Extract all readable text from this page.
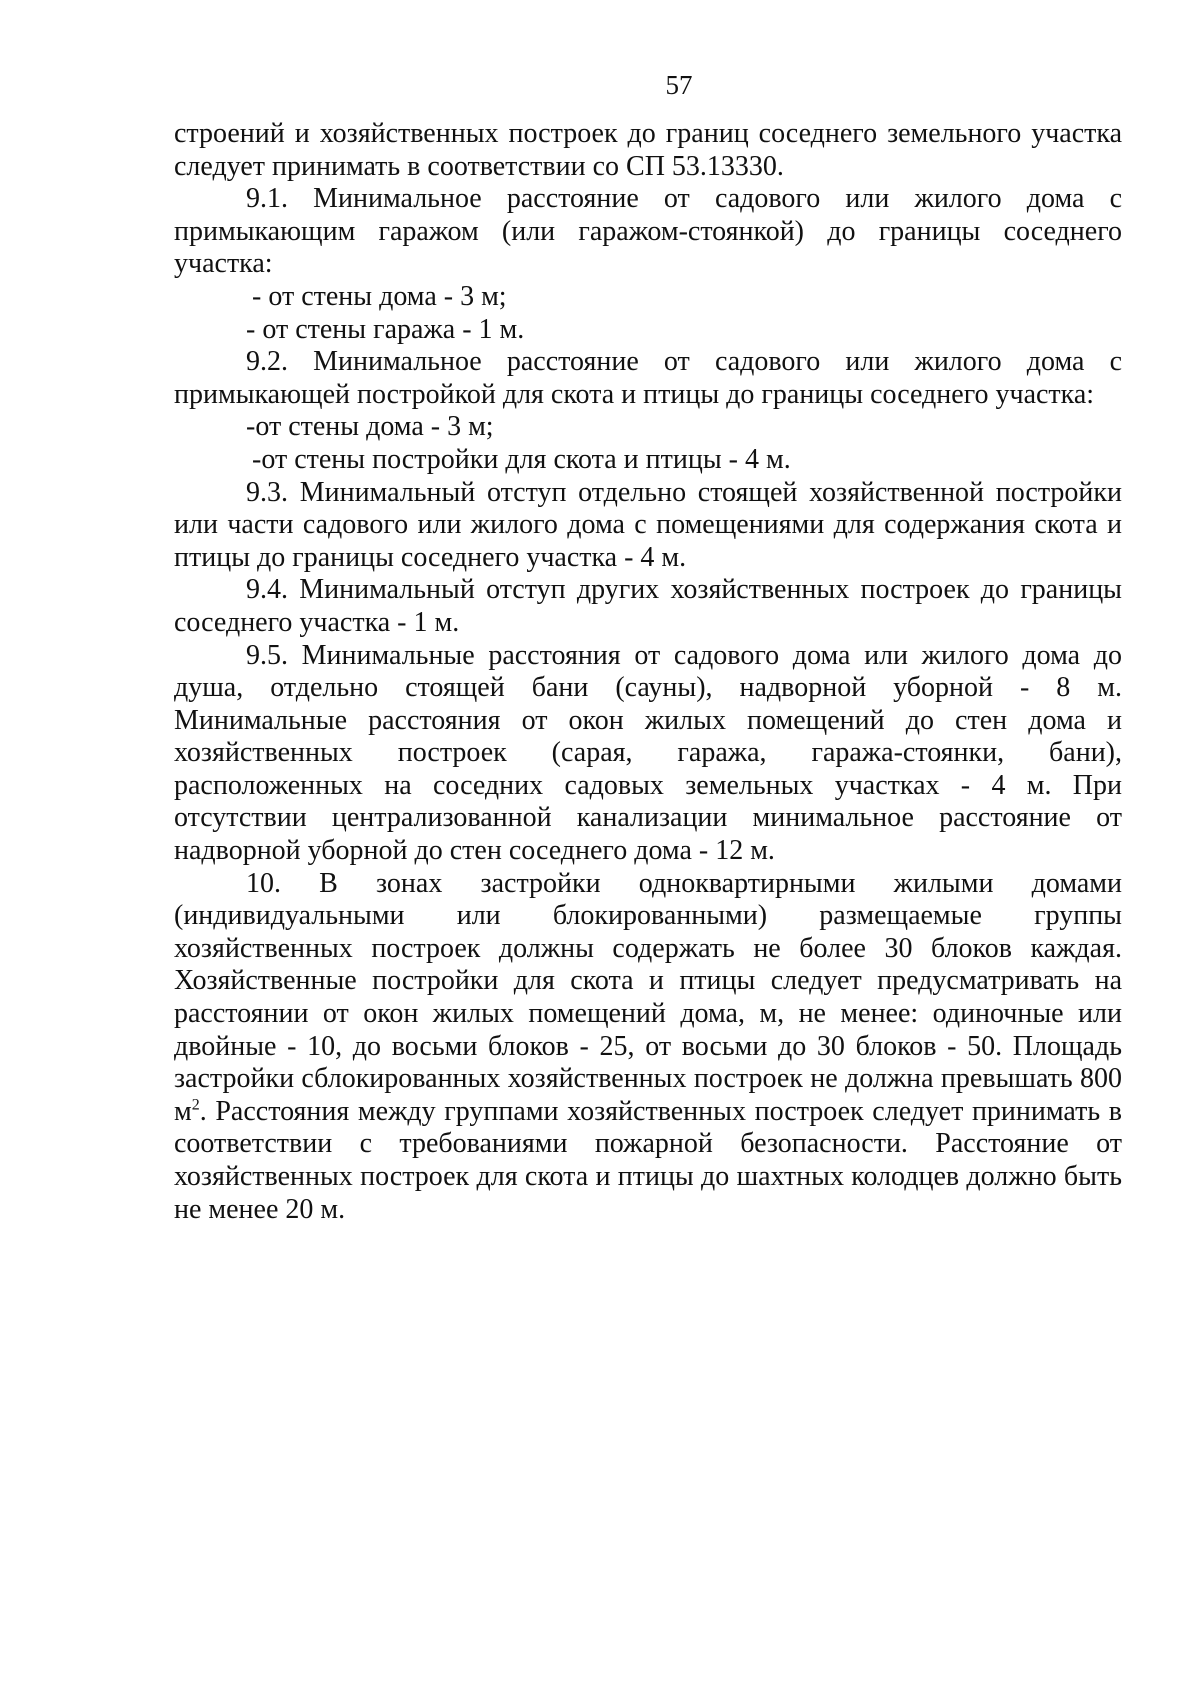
57

строений и хозяйственных построек до границ соседнего земельного участка следует принимать в соответствии со СП 53.13330.

9.1. Минимальное расстояние от садового или жилого дома с примыкающим гаражом (или гаражом-стоянкой) до границы соседнего участка:

- от стены дома - 3 м;

- от стены гаража - 1 м.

9.2. Минимальное расстояние от садового или жилого дома с примыкающей постройкой для скота и птицы до границы соседнего участка:

-от стены дома - 3 м;

-от стены постройки для скота и птицы - 4 м.

9.3. Минимальный отступ отдельно стоящей хозяйственной постройки или части садового или жилого дома с помещениями для содержания скота и птицы до границы соседнего участка - 4 м.

9.4. Минимальный отступ других хозяйственных построек до границы соседнего участка - 1 м.

9.5. Минимальные расстояния от садового дома или жилого дома до душа, отдельно стоящей бани (сауны), надворной уборной - 8 м. Минимальные расстояния от окон жилых помещений до стен дома и хозяйственных построек (сарая, гаража, гаража-стоянки, бани), расположенных на соседних садовых земельных участках - 4 м. При отсутствии централизованной канализации минимальное расстояние от надворной уборной до стен соседнего дома - 12 м.

10. В зонах застройки одноквартирными жилыми домами (индивидуальными или блокированными) размещаемые группы хозяйственных построек должны содержать не более 30 блоков каждая. Хозяйственные постройки для скота и птицы следует предусматривать на расстоянии от окон жилых помещений дома, м, не менее: одиночные или двойные - 10, до восьми блоков - 25, от восьми до 30 блоков - 50. Площадь застройки сблокированных хозяйственных построек не должна превышать 800 $м^2$. Расстояния между группами хозяйственных построек следует принимать в соответствии с требованиями пожарной безопасности. Расстояние от хозяйственных построек для скота и птицы до шахтных колодцев должно быть не менее 20 м.
